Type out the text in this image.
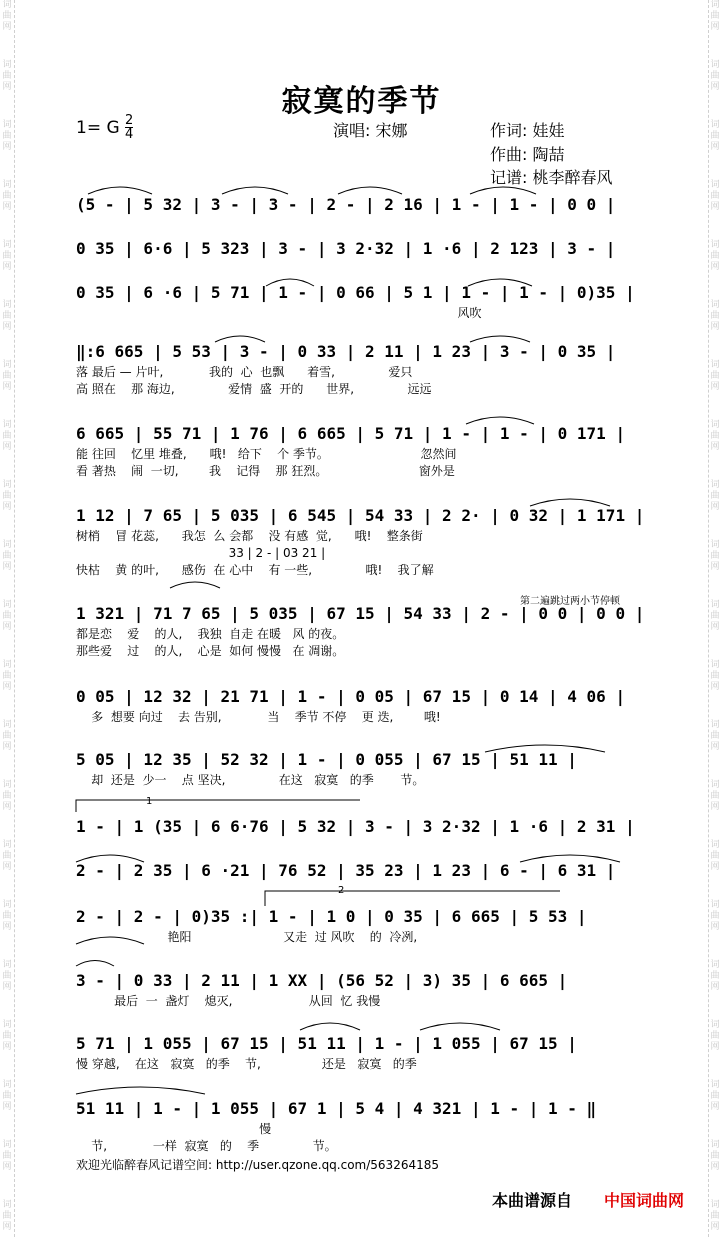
词
曲
网
词
曲
网
词
曲
网
词
曲
网
词
曲
网
词
曲
网
词
曲
网
词
曲
网
词
曲
网
词
曲
网
词
曲
网
词
曲
网
词
曲
网
词
曲
网
词
曲
网
词
曲
网
词
曲
网
词
曲
网
词
曲
网
词
曲
网
词
曲
网
词
曲
网
词
曲
网
词
曲
网
词
曲
网
词
曲
网
词
曲
网
词
曲
网
词
曲
网
词
曲
网
词
曲
网
词
曲
网
词
曲
网
词
曲
网
词
曲
网
词
曲
网
词
曲
网
词
曲
网
词
曲
网
词
曲
网
词
曲
网
词
曲
网
寂寞的季节
1= G $\frac{2}{4}$	演唱: 宋娜	作词: 娃娃
作曲: 陶喆
记谱: 桃李醉春风
(5 - | 5 32 | 3 - | 3 - | 2 - | 2 16 | 1 - | 1 - | 0 0 |
0 35 | 6·6 | 5 323 | 3 - | 3 2·32 | 1 ·6 | 2 123 | 3 - |
0 35 | 6 ·6 | 5 71 | 1 - | 0 66 | 5 1 | 1 - | 1 - | 0)35 |
风吹
‖:6 665 | 5 53 | 3 - | 0 33 | 2 11 | 1 23 | 3 - | 0 35 |
落 最后 — 片叶,            我的  心  也飘      着雪,              爱只
高 照在    那 海边,              爱情  盛  开的      世界,              远远
6 665 | 55 71 | 1 76 | 6 665 | 5 71 | 1 - | 1 - | 0 171 |
能 往回    忆里 堆叠,      哦!   给下    个 季节。                        忽然间
看 著热    闹  一切,        我    记得    那 狂烈。                        窗外是
1 12 | 7 65 | 5 035 | 6 545 | 54 33 | 2 2· | 0 32 | 1 171 |
树梢    冒 花蕊,      我怎  么 会都    没 有感  觉,      哦!    整条街
33 | 2 - | 03 21 |
快枯    黄 的叶,      感伤  在 心中    有 一些,              哦!    我了解
1 321 | 71 7 65 | 5 035 | 67 15 | 54 33 | 2 - | 0 0 | 0 0 |
都是恋    爱    的人,    我独  自走 在暖   风 的夜。
那些爱    过    的人,    心是  如何 慢慢   在 凋谢。
0 05 | 12 32 | 21 71 | 1 - | 0 05 | 67 15 | 0 14 | 4 06 |
多  想要 向过    去 告别,            当    季节 不停    更 迭,        哦!
5 05 | 12 35 | 52 32 | 1 - | 0 055 | 67 15 | 51 11 |
却  还是  少一    点 坚决,              在这   寂寞   的季       节。
1 - | 1 (35 | 6 6·76 | 5 32 | 3 - | 3 2·32 | 1 ·6 | 2 31 |
2 - | 2 35 | 6 ·21 | 76 52 | 35 23 | 1 23 | 6 - | 6 31 |
2 - | 2 - | 0)35 :| 1 - | 1 0 | 0 35 | 6 665 | 5 53 |
艳阳                        又走  过 风吹    的  冷冽,
3 - | 0 33 | 2 11 | 1 XX | (56 52 | 3) 35 | 6 665 |
最后  一  盏灯    熄灭,                    从回  忆 我慢
5 71 | 1 055 | 67 15 | 51 11 | 1 - | 1 055 | 67 15 |
慢 穿越,    在这   寂寞   的季    节,                还是   寂寞   的季
51 11 | 1 - | 1 055 | 67 1 | 5 4 | 4 321 | 1 - | 1 - ‖
慢
节,            一样  寂寞   的    季              节。
第二遍跳过两小节停顿
1
2
欢迎光临醉春风记谱空间: http://user.qzone.qq.com/563264185
本曲谱源自 中国词曲网
